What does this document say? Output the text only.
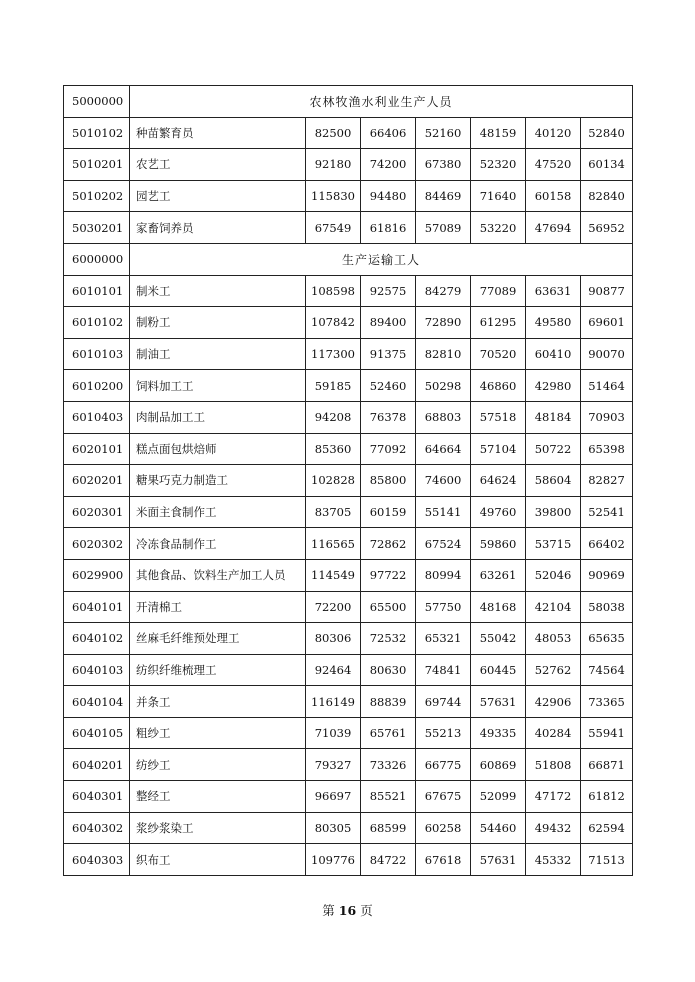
5000000	农林牧渔水利业生产人员						
5010102	种苗繁育员	82500	66406	52160	48159	40120	52840
5010201	农艺工	92180	74200	67380	52320	47520	60134
5010202	园艺工	115830	94480	84469	71640	60158	82840
5030201	家畜饲养员	67549	61816	57089	53220	47694	56952
6000000	生产运输工人						
6010101	制米工	108598	92575	84279	77089	63631	90877
6010102	制粉工	107842	89400	72890	61295	49580	69601
6010103	制油工	117300	91375	82810	70520	60410	90070
6010200	饲料加工工	59185	52460	50298	46860	42980	51464
6010403	肉制品加工工	94208	76378	68803	57518	48184	70903
6020101	糕点面包烘焙师	85360	77092	64664	57104	50722	65398
6020201	糖果巧克力制造工	102828	85800	74600	64624	58604	82827
6020301	米面主食制作工	83705	60159	55141	49760	39800	52541
6020302	冷冻食品制作工	116565	72862	67524	59860	53715	66402
6029900	其他食品、饮料生产加工人员	114549	97722	80994	63261	52046	90969
6040101	开清棉工	72200	65500	57750	48168	42104	58038
6040102	丝麻毛纤维预处理工	80306	72532	65321	55042	48053	65635
6040103	纺织纤维梳理工	92464	80630	74841	60445	52762	74564
6040104	并条工	116149	88839	69744	57631	42906	73365
6040105	粗纱工	71039	65761	55213	49335	40284	55941
6040201	纺纱工	79327	73326	66775	60869	51808	66871
6040301	整经工	96697	85521	67675	52099	47172	61812
6040302	浆纱浆染工	80305	68599	60258	54460	49432	62594
6040303	织布工	109776	84722	67618	57631	45332	71513
第 16 页
